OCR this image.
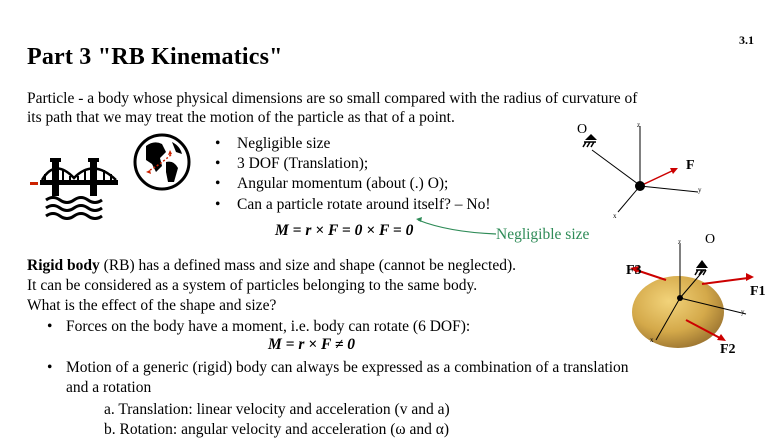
3.1
Part 3 "RB Kinematics"
Particle - a body whose physical dimensions are so small compared with the radius of curvature of
its path that we may treat the motion of the particle as that of a point.
• Negligible size
• 3 DOF (Translation);
• Angular momentum (about (.) O);
• Can a particle rotate around itself? – No!
M = r × F = 0 × F = 0	Negligible size
O	z
F
y
x
Rigid body (RB) has a defined mass and size and shape (cannot be neglected).
It can be considered as a system of particles belonging to the same body.
What is the effect of the shape and size?
• Forces on the body have a moment, i.e. body can rotate (6 DOF):
M = r × F ≠ 0
• Motion of a generic (rigid) body can always be expressed as a combination of a translation
and a rotation
a. Translation: linear velocity and acceleration (v and a)
b. Rotation: angular velocity and acceleration (ω and α)
O
z
F3
F1
F2
y
x
